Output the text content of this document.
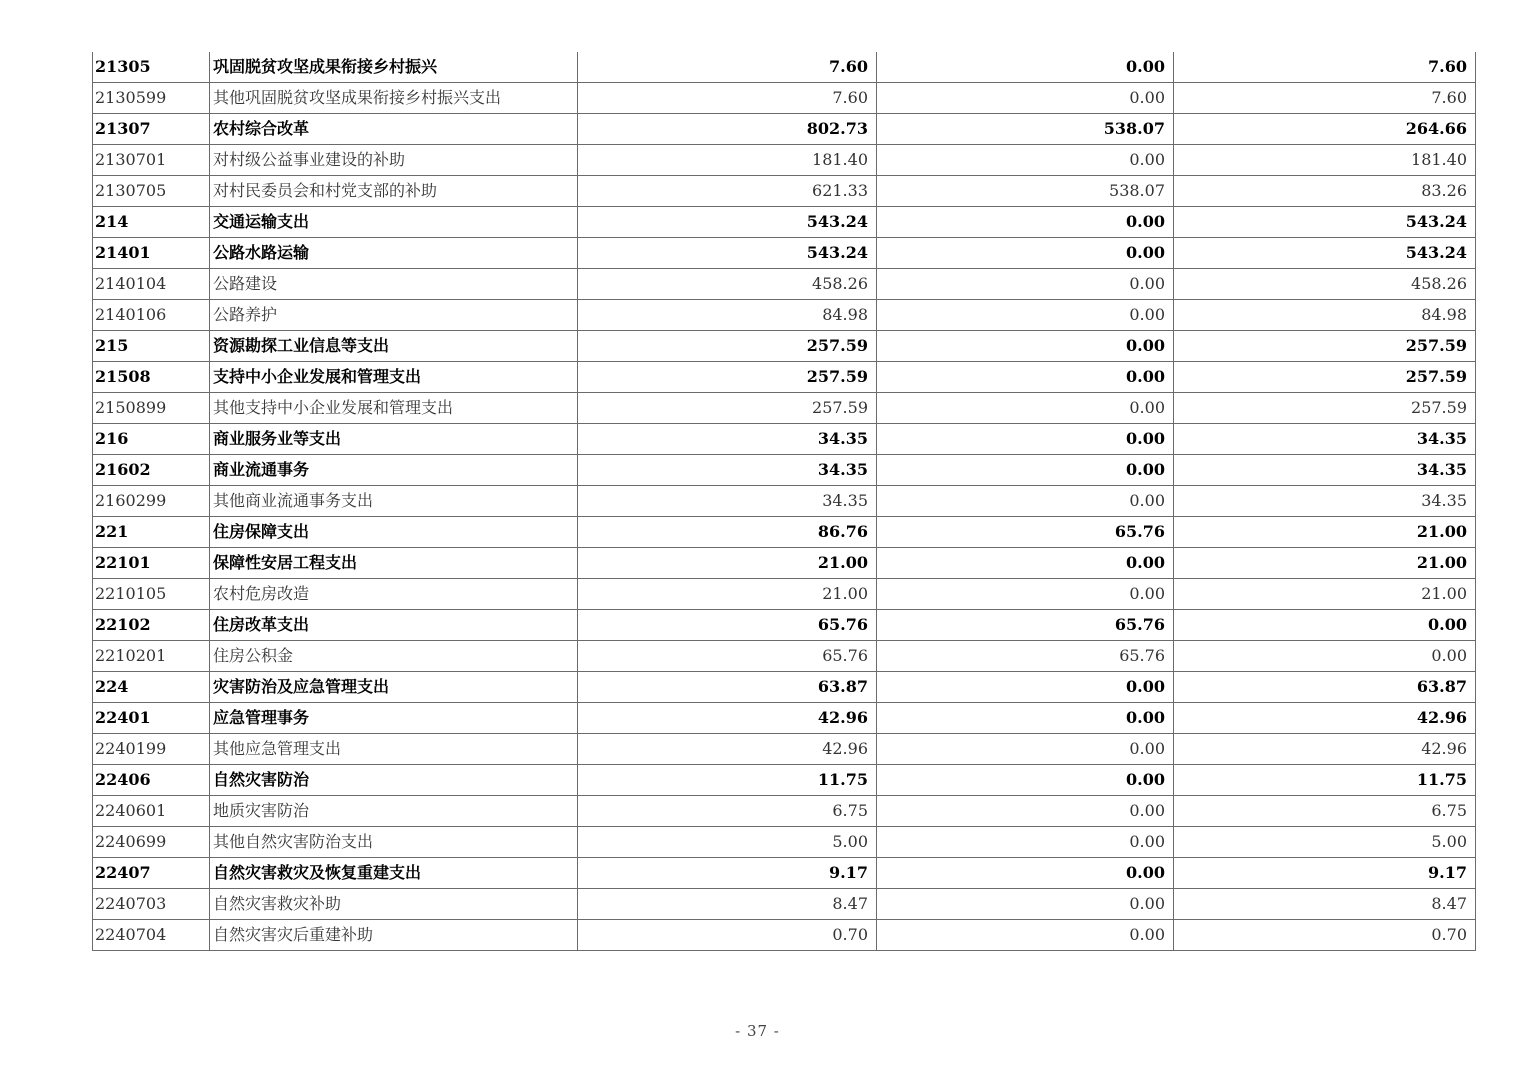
21305	巩固脱贫攻坚成果衔接乡村振兴	7.60	0.00	7.60
2130599	其他巩固脱贫攻坚成果衔接乡村振兴支出	7.60	0.00	7.60
21307	农村综合改革	802.73	538.07	264.66
2130701	对村级公益事业建设的补助	181.40	0.00	181.40
2130705	对村民委员会和村党支部的补助	621.33	538.07	83.26
214	交通运输支出	543.24	0.00	543.24
21401	公路水路运输	543.24	0.00	543.24
2140104	公路建设	458.26	0.00	458.26
2140106	公路养护	84.98	0.00	84.98
215	资源勘探工业信息等支出	257.59	0.00	257.59
21508	支持中小企业发展和管理支出	257.59	0.00	257.59
2150899	其他支持中小企业发展和管理支出	257.59	0.00	257.59
216	商业服务业等支出	34.35	0.00	34.35
21602	商业流通事务	34.35	0.00	34.35
2160299	其他商业流通事务支出	34.35	0.00	34.35
221	住房保障支出	86.76	65.76	21.00
22101	保障性安居工程支出	21.00	0.00	21.00
2210105	农村危房改造	21.00	0.00	21.00
22102	住房改革支出	65.76	65.76	0.00
2210201	住房公积金	65.76	65.76	0.00
224	灾害防治及应急管理支出	63.87	0.00	63.87
22401	应急管理事务	42.96	0.00	42.96
2240199	其他应急管理支出	42.96	0.00	42.96
22406	自然灾害防治	11.75	0.00	11.75
2240601	地质灾害防治	6.75	0.00	6.75
2240699	其他自然灾害防治支出	5.00	0.00	5.00
22407	自然灾害救灾及恢复重建支出	9.17	0.00	9.17
2240703	自然灾害救灾补助	8.47	0.00	8.47
2240704	自然灾害灾后重建补助	0.70	0.00	0.70
- 37 -
